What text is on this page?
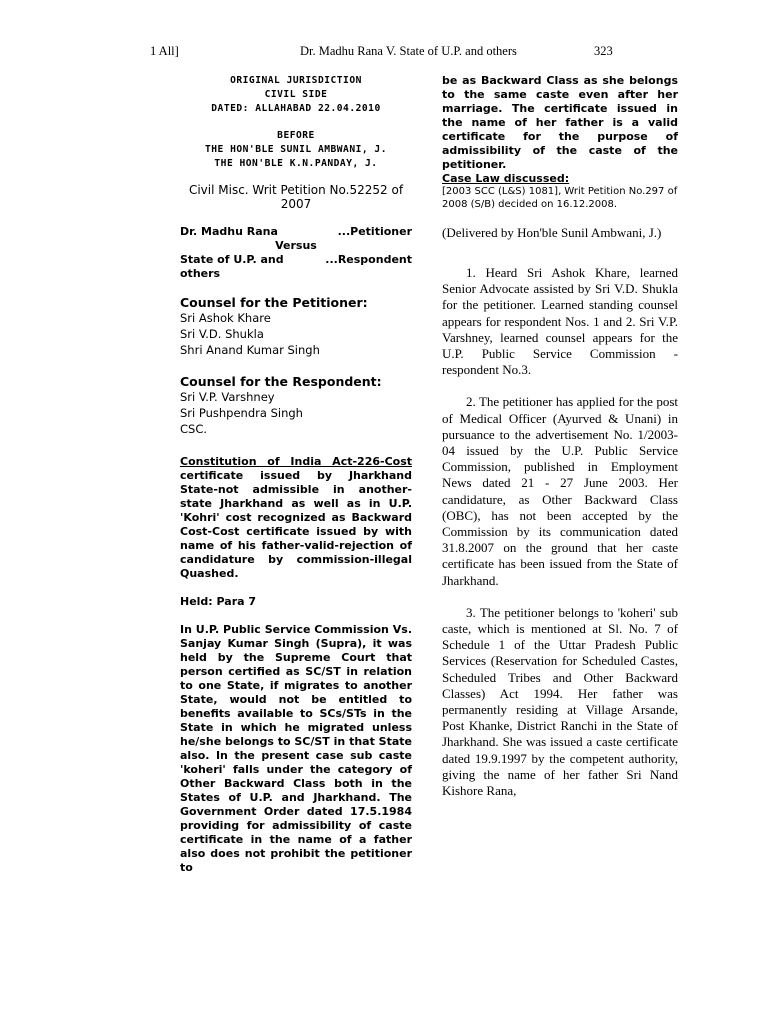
1 All]	Dr. Madhu Rana V. State of U.P. and others	323
ORIGINAL JURISDICTION
CIVIL SIDE
DATED: ALLAHABAD 22.04.2010
BEFORE
THE HON'BLE SUNIL AMBWANI, J.
THE HON'BLE K.N.PANDAY, J.
Civil Misc. Writ Petition No.52252 of 2007
Dr. Madhu Rana	...Petitioner
Versus
State of U.P. and others
...Respondent
Counsel for the Petitioner:
Sri Ashok Khare
Sri V.D. Shukla
Shri Anand Kumar Singh
Counsel for the Respondent:
Sri V.P. Varshney
Sri Pushpendra Singh
CSC.

Constitution of India Act-226-Cost certificate issued by Jharkhand State-not admissible in another-state Jharkhand as well as in U.P. 'Kohri' cost recognized as Backward Cost-Cost certificate issued by with name of his father-valid-rejection of candidature by commission-illegal Quashed.

Held: Para 7

In U.P. Public Service Commission Vs. Sanjay Kumar Singh (Supra), it was held by the Supreme Court that person certified as SC/ST in relation to one State, if migrates to another State, would not be entitled to benefits available to SCs/STs in the State in which he migrated unless he/she belongs to SC/ST in that State also. In the present case sub caste 'koheri' falls under the category of Other Backward Class both in the States of U.P. and Jharkhand. The Government Order dated 17.5.1984 providing for admissibility of caste certificate in the name of a father also does not prohibit the petitioner to

be as Backward Class as she belongs to the same caste even after her marriage. The certificate issued in the name of her father is a valid certificate for the purpose of admissibility of the caste of the petitioner.

Case Law discussed:
[2003 SCC (L&S) 1081], Writ Petition No.297 of 2008 (S/B) decided on 16.12.2008.
(Delivered by Hon'ble Sunil Ambwani, J.)

1. Heard Sri Ashok Khare, learned Senior Advocate assisted by Sri V.D. Shukla for the petitioner. Learned standing counsel appears for respondent Nos. 1 and 2. Sri V.P. Varshney, learned counsel appears for the U.P. Public Service Commission - respondent No.3.

2. The petitioner has applied for the post of Medical Officer (Ayurved & Unani) in pursuance to the advertisement No. 1/2003-04 issued by the U.P. Public Service Commission, published in Employment News dated 21 - 27 June 2003. Her candidature, as Other Backward Class (OBC), has not been accepted by the Commission by its communication dated 31.8.2007 on the ground that her caste certificate has been issued from the State of Jharkhand.

3. The petitioner belongs to 'koheri' sub caste, which is mentioned at Sl. No. 7 of Schedule 1 of the Uttar Pradesh Public Services (Reservation for Scheduled Castes, Scheduled Tribes and Other Backward Classes) Act 1994. Her father was permanently residing at Village Arsande, Post Khanke, District Ranchi in the State of Jharkhand. She was issued a caste certificate dated 19.9.1997 by the competent authority, giving the name of her father Sri Nand Kishore Rana,
